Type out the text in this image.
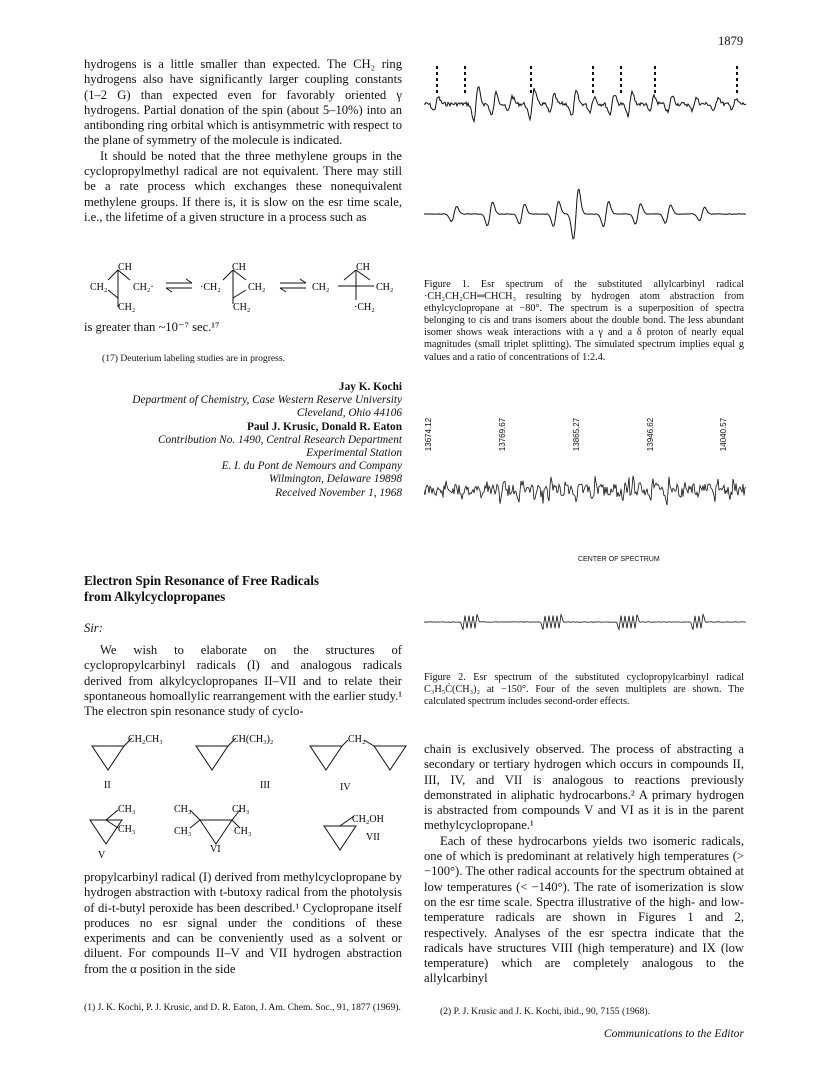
1879

hydrogens is a little smaller than expected. The CH₂ ring hydrogens also have significantly larger coupling constants (1–2 G) than expected even for favorably oriented γ hydrogens. Partial donation of the spin (about 5–10%) into an antibonding ring orbital which is antisymmetric with respect to the plane of symmetry of the molecule is indicated.

It should be noted that the three methylene groups in the cyclopropylmethyl radical are not equivalent. There may still be a rate process which exchanges these nonequivalent methylene groups. If there is, it is slow on the esr time scale, i.e., the lifetime of a given structure in a process such as

CH
CH₂	CH₂·
CH₂
CH
·CH₂	CH₂
CH₂
CH
CH₂	CH₂
·CH₂
is greater than ~10⁻⁷ sec.¹⁷
(17) Deuterium labeling studies are in progress.
Jay K. Kochi
Department of Chemistry, Case Western Reserve University
Cleveland, Ohio 44106
Paul J. Krusic, Donald R. Eaton
Contribution No. 1490, Central Research Department
Experimental Station
E. I. du Pont de Nemours and Company
Wilmington, Delaware 19898
Received November 1, 1968
Electron Spin Resonance of Free Radicals
from Alkylcyclopropanes
Sir:
We wish to elaborate on the structures of cyclopropylcarbinyl radicals (I) and analogous radicals derived from alkylcyclopropanes II–VII and to relate their spontaneous homoallylic rearrangement with the earlier study.¹ The electron spin resonance study of cyclo-
CH₂CH₃
II
CH(CH₃)₂
III
CH₂
IV
CH₃
CH₃
V
CH₃	CH₃
CH₃	CH₃
VI
CH₂OH
VII
propylcarbinyl radical (I) derived from methylcyclopropane by hydrogen abstraction with t-butoxy radical from the photolysis of di-t-butyl peroxide has been described.¹ Cyclopropane itself produces no esr signal under the conditions of these experiments and can be conveniently used as a solvent or diluent. For compounds II–V and VII hydrogen abstraction from the α position in the side
(1) J. K. Kochi, P. J. Krusic, and D. R. Eaton, J. Am. Chem. Soc., 91, 1877 (1969).
Figure 1. Esr spectrum of the substituted allylcarbinyl radical ·CH₂CH₂CH═CHCH₃ resulting by hydrogen atom abstraction from ethylcyclopropane at −80°. The spectrum is a superposition of spectra belonging to cis and trans isomers about the double bond. The less abundant isomer shows weak interactions with a γ and a δ proton of nearly equal magnitudes (small triplet splitting). The simulated spectrum implies equal g values and a ratio of concentrations of 1:2.4.
13674.12	13769.67	13865.27	13946.62	14040.57
CENTER OF SPECTRUM
Figure 2. Esr spectrum of the substituted cyclopropylcarbinyl radical C₃H₅Ċ(CH₃)₂ at −150°. Four of the seven multiplets are shown. The calculated spectrum includes second-order effects.

chain is exclusively observed. The process of abstracting a secondary or tertiary hydrogen which occurs in compounds II, III, IV, and VII is analogous to reactions previously demonstrated in aliphatic hydrocarbons.² A primary hydrogen is abstracted from compounds V and VI as it is in the parent methylcyclopropane.¹

Each of these hydrocarbons yields two isomeric radicals, one of which is predominant at relatively high temperatures (> −100°). The other radical accounts for the spectrum obtained at low temperatures (< −140°). The rate of isomerization is slow on the esr time scale. Spectra illustrative of the high- and low-temperature radicals are shown in Figures 1 and 2, respectively. Analyses of the esr spectra indicate that the radicals have structures VIII (high temperature) and IX (low temperature) which are completely analogous to the allylcarbinyl

(2) P. J. Krusic and J. K. Kochi, ibid., 90, 7155 (1968).
Communications to the Editor
